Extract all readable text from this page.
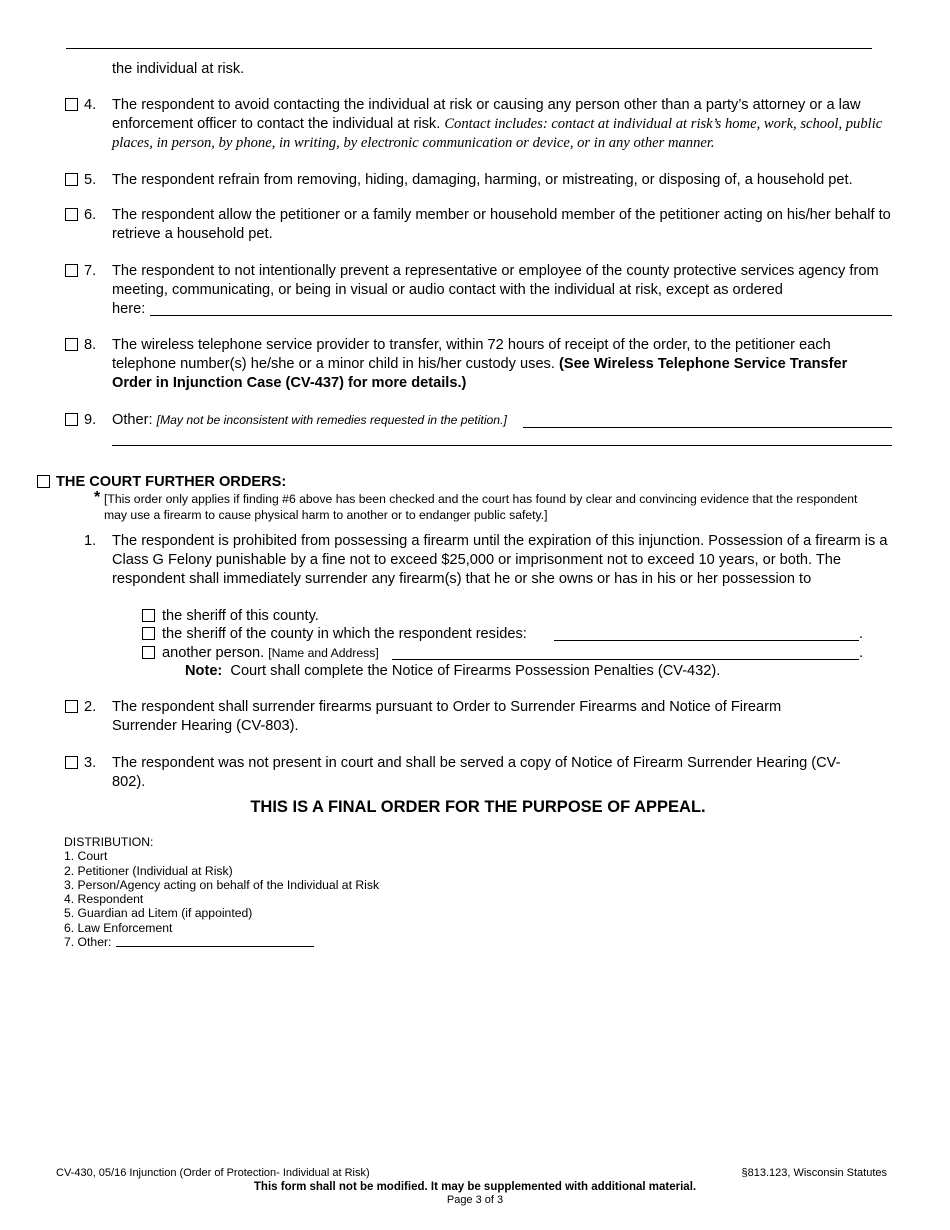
the individual at risk.
4. The respondent to avoid contacting the individual at risk or causing any person other than a party’s attorney or a law enforcement officer to contact the individual at risk. Contact includes: contact at individual at risk’s home, work, school, public places, in person, by phone, in writing, by electronic communication or device, or in any other manner.
5. The respondent refrain from removing, hiding, damaging, harming, or mistreating, or disposing of, a household pet.
6. The respondent allow the petitioner or a family member or household member of the petitioner acting on his/her behalf to retrieve a household pet.
7. The respondent to not intentionally prevent a representative or employee of the county protective services agency from meeting, communicating, or being in visual or audio contact with the individual at risk, except as ordered
here:
8. The wireless telephone service provider to transfer, within 72 hours of receipt of the order, to the petitioner each telephone number(s) he/she or a minor child in his/her custody uses. (See Wireless Telephone Service Transfer Order in Injunction Case (CV-437) for more details.)
9. Other: [May not be inconsistent with remedies requested in the petition.]
THE COURT FURTHER ORDERS:
* [This order only applies if finding #6 above has been checked and the court has found by clear and convincing evidence that the respondent may use a firearm to cause physical harm to another or to endanger public safety.]
1. The respondent is prohibited from possessing a firearm until the expiration of this injunction. Possession of a firearm is a Class G Felony punishable by a fine not to exceed $25,000 or imprisonment not to exceed 10 years, or both. The respondent shall immediately surrender any firearm(s) that he or she owns or has in his or her possession to
the sheriff of this county.
the sheriff of the county in which the respondent resides:	.
another person. [Name and Address]	.
Note: Court shall complete the Notice of Firearms Possession Penalties (CV-432).
2. The respondent shall surrender firearms pursuant to Order to Surrender Firearms and Notice of Firearm Surrender Hearing (CV-803).
3. The respondent was not present in court and shall be served a copy of Notice of Firearm Surrender Hearing (CV-802).
THIS IS A FINAL ORDER FOR THE PURPOSE OF APPEAL.
DISTRIBUTION:
1. Court
2. Petitioner (Individual at Risk)
3. Person/Agency acting on behalf of the Individual at Risk
4. Respondent
5. Guardian ad Litem (if appointed)
6. Law Enforcement
7. Other:
CV-430, 05/16 Injunction (Order of Protection- Individual at Risk)	§813.123, Wisconsin Statutes
This form shall not be modified. It may be supplemented with additional material.
Page 3 of 3
